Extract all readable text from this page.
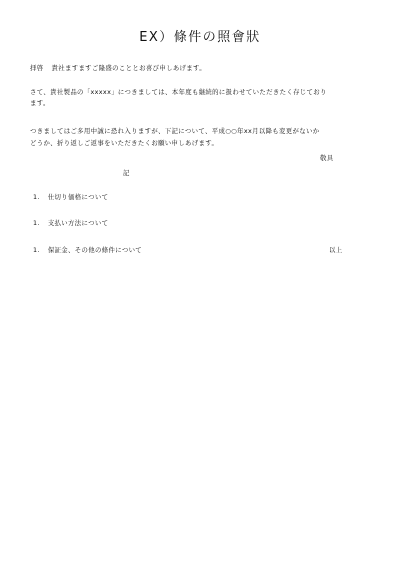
EX）條件の照會狀
拝啓 貴社ますますご隆盛のこととお喜び申しあげます。
さて、貴社製品の「xxxxx」につきましては、本年度も継続的に扱わせていただきたく存じており
ます。
つきましてはご多用中誠に恐れ入りますが、下記について、平成○○年xx月以降も変更がないか
どうか、折り返しご返事をいただきたくお願い申しあげます。
敬具
記
1. 仕切り価格について
1. 支払い方法について
1. 保証金、その他の條件について	以上
